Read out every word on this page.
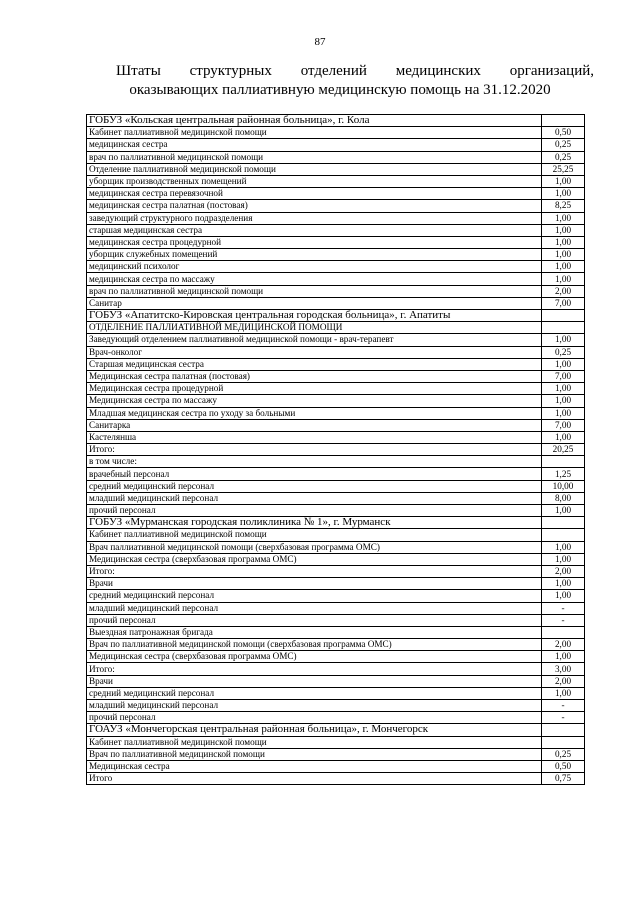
87
Штаты структурных отделений медицинских организаций,
оказывающих паллиативную медицинскую помощь на 31.12.2020
ГОБУЗ «Кольская центральная районная больница», г. Кола	
Кабинет паллиативной медицинской помощи	0,50
медицинская сестра	0,25
врач по паллиативной медицинской помощи	0,25
Отделение паллиативной медицинской помощи	25,25
уборщик производственных помещений	1,00
медицинская сестра перевязочной	1,00
медицинская сестра палатная (постовая)	8,25
заведующий структурного подразделения	1,00
старшая медицинская сестра	1,00
медицинская сестра процедурной	1,00
уборщик служебных помещений	1,00
медицинский психолог	1,00
медицинская сестра по массажу	1,00
врач по паллиативной медицинской помощи	2,00
Санитар	7,00
ГОБУЗ «Апатитско-Кировская центральная городская больница», г. Апатиты	
ОТДЕЛЕНИЕ ПАЛЛИАТИВНОЙ МЕДИЦИНСКОЙ ПОМОЩИ	
Заведующий отделением паллиативной медицинской помощи - врач-терапевт	1,00
Врач-онколог	0,25
Старшая медицинская сестра	1,00
Медицинская сестра палатная (постовая)	7,00
Медицинская сестра процедурной	1,00
Медицинская сестра по массажу	1,00
Младшая медицинская сестра по уходу за больными	1,00
Санитарка	7,00
Кастелянша	1,00
Итого:	20,25
в том числе:	
врачебный персонал	1,25
средний медицинский персонал	10,00
младший медицинский персонал	8,00
прочий персонал	1,00
ГОБУЗ «Мурманская городская поликлиника № 1», г. Мурманск	
Кабинет паллиативной медицинской помощи	
Врач паллиативной медицинской помощи (сверхбазовая программа ОМС)	1,00
Медицинская сестра (сверхбазовая программа ОМС)	1,00
Итого:	2,00
Врачи	1,00
средний медицинский персонал	1,00
младший медицинский персонал	-
прочий персонал	-
Выездная патронажная бригада	
Врач по паллиативной медицинской помощи (сверхбазовая программа ОМС)	2,00
Медицинская сестра (сверхбазовая программа ОМС)	1,00
Итого:	3,00
Врачи	2,00
средний медицинский персонал	1,00
младший медицинский персонал	-
прочий персонал	-
ГОАУЗ «Мончегорская центральная районная больница», г. Мончегорск	
Кабинет паллиативной медицинской помощи	
Врач по паллиативной медицинской помощи	0,25
Медицинская сестра	0,50
Итого	0,75
